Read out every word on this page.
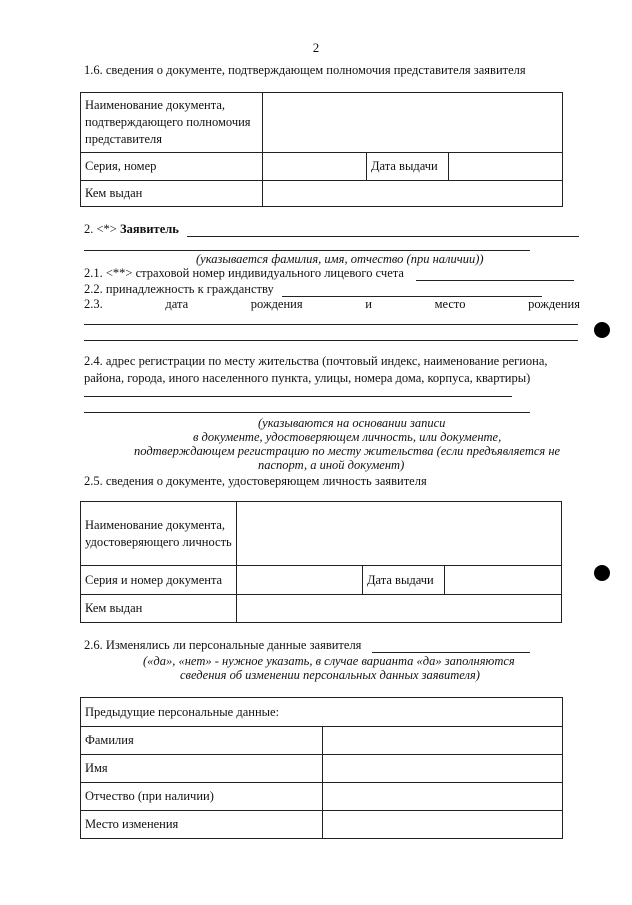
2
1.6. сведения о документе, подтверждающем полномочия представителя заявителя
Наименование документа, подтверждающего полномочия представителя			
Серия, номер		Дата выдачи	
Кем выдан			
2. <*> Заявитель
(указывается фамилия, имя, отчество (при наличии))
2.1. <**> страховой номер индивидуального лицевого счета
2.2. принадлежность к гражданству
2.3.	дата	рождения	и	место	рождения
2.4. адрес регистрации по месту жительства (почтовый индекс, наименование региона,
района, города, иного населенного пункта, улицы, номера дома, корпуса, квартиры)
(указываются на основании записи
в документе, удостоверяющем личность, или документе,
подтверждающем регистрацию по месту жительства (если предъявляется не
паспорт, а иной документ)
2.5. сведения о документе, удостоверяющем личность заявителя
Наименование документа, удостоверяющего личность			
Серия и номер документа		Дата выдачи	
Кем выдан			
2.6. Изменялись ли персональные данные заявителя
(«да», «нет» - нужное указать, в случае варианта «да» заполняются
сведения об изменении персональных данных заявителя)
Предыдущие персональные данные:	
Фамилия	
Имя	
Отчество (при наличии)	
Место изменения	
